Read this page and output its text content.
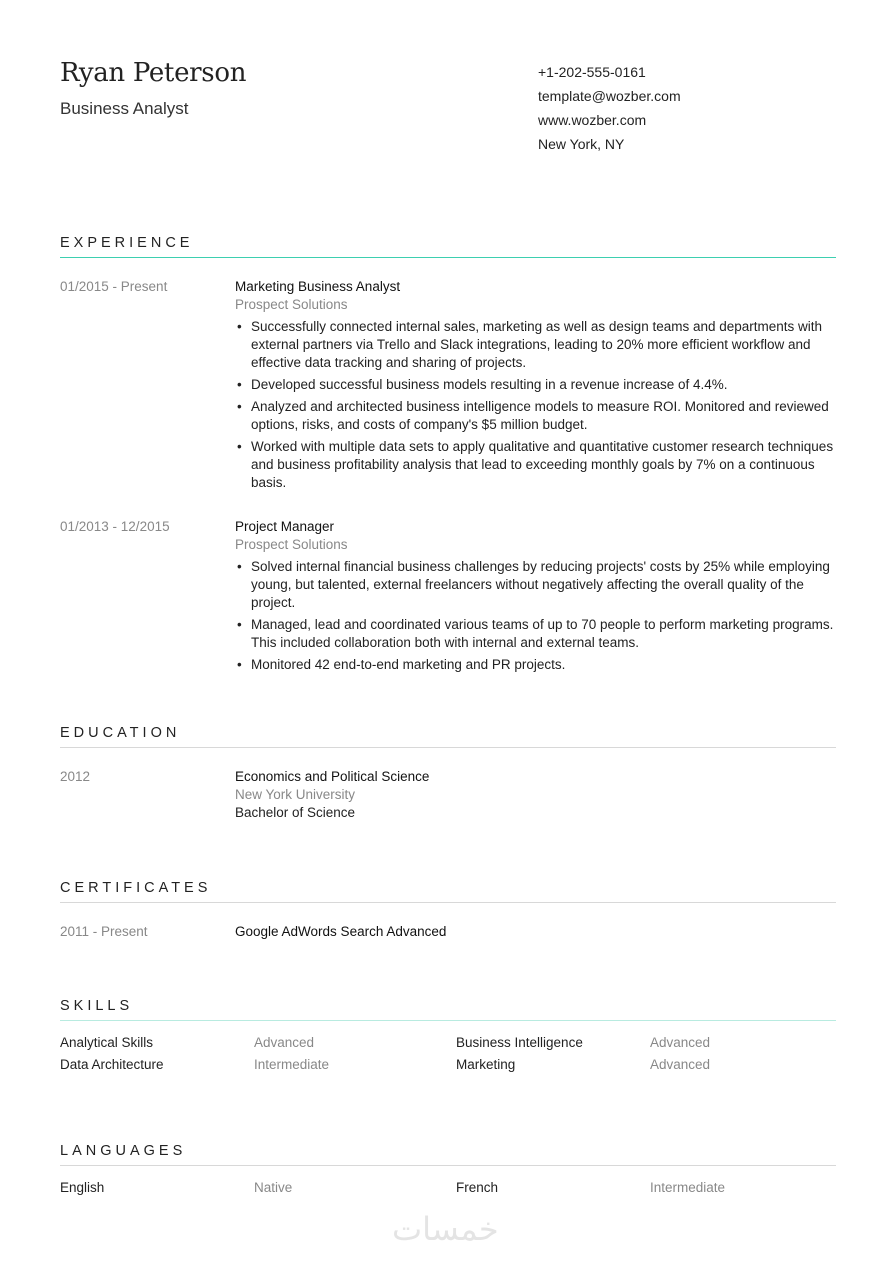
Ryan Peterson
Business Analyst
+1-202-555-0161
template@wozber.com
www.wozber.com
New York, NY
EXPERIENCE
01/2015 - Present	Marketing Business Analyst
Prospect Solutions
• Successfully connected internal sales, marketing as well as design teams and departments with external partners via Trello and Slack integrations, leading to 20% more efficient workflow and effective data tracking and sharing of projects.
• Developed successful business models resulting in a revenue increase of 4.4%.
• Analyzed and architected business intelligence models to measure ROI. Monitored and reviewed options, risks, and costs of company's $5 million budget.
• Worked with multiple data sets to apply qualitative and quantitative customer research techniques and business profitability analysis that lead to exceeding monthly goals by 7% on a continuous basis.
01/2013 - 12/2015	Project Manager
Prospect Solutions
• Solved internal financial business challenges by reducing projects' costs by 25% while employing young, but talented, external freelancers without negatively affecting the overall quality of the project.
• Managed, lead and coordinated various teams of up to 70 people to perform marketing programs. This included collaboration both with internal and external teams.
• Monitored 42 end-to-end marketing and PR projects.
EDUCATION
2012	Economics and Political Science
New York University
Bachelor of Science
CERTIFICATES
2011 - Present	Google AdWords Search Advanced
SKILLS
Analytical Skills	Advanced	Business Intelligence	Advanced
Data Architecture	Intermediate	Marketing	Advanced
LANGUAGES
English	Native	French	Intermediate
خمسات
